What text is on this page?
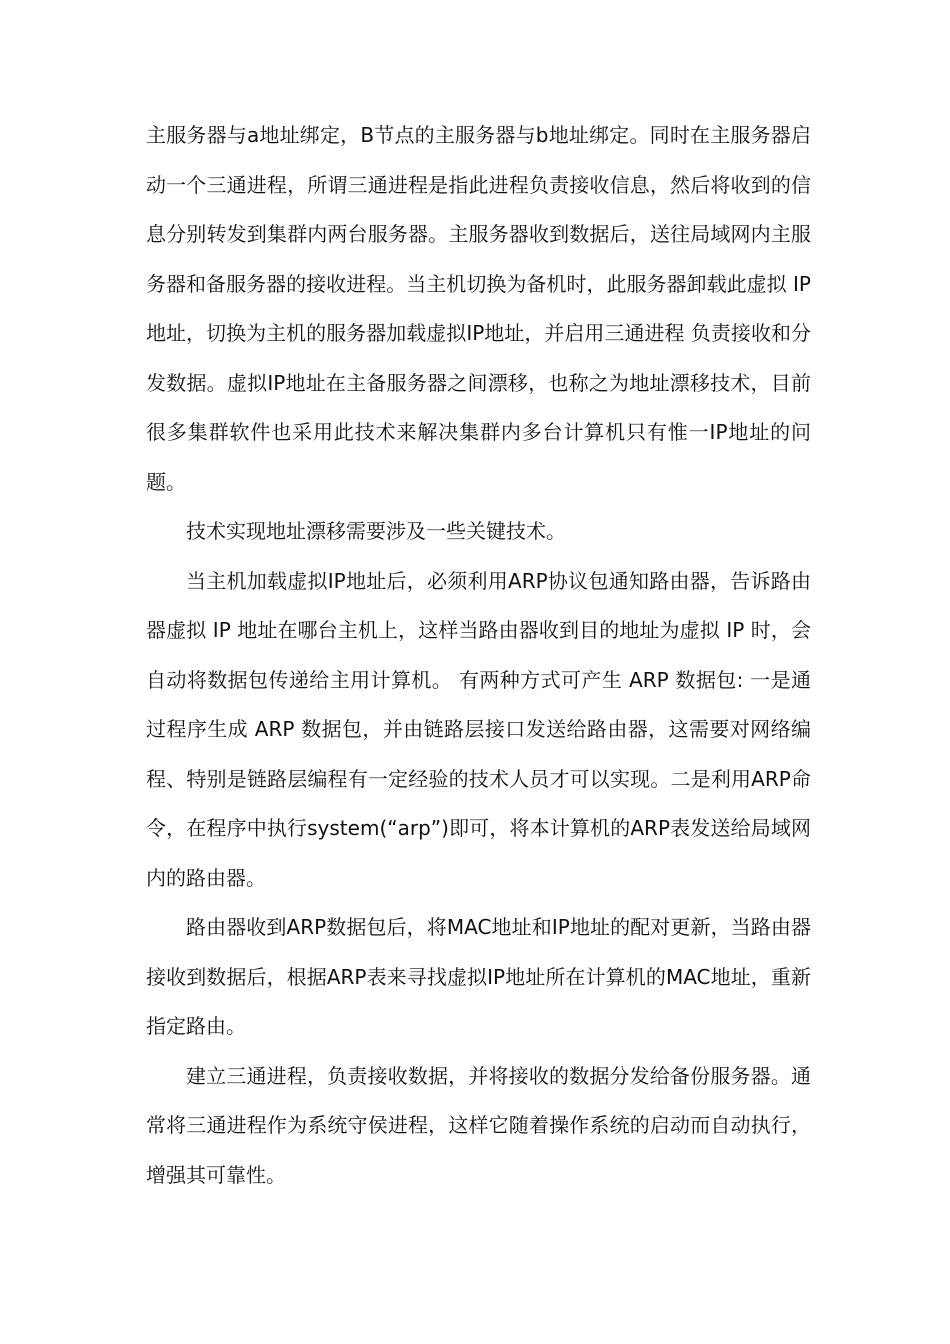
主服务器与a地址绑定，B节点的主服务器与b地址绑定。同时在主服务器启动一个三通进程，所谓三通进程是指此进程负责接收信息，然后将收到的信息分别转发到集群内两台服务器。主服务器收到数据后，送往局域网内主服务器和备服务器的接收进程。当主机切换为备机时，此服务器卸载此虚拟 IP 地址，切换为主机的服务器加载虚拟IP地址，并启用三通进程 负责接收和分发数据。虚拟IP地址在主备服务器之间漂移，也称之为地址漂移技术，目前很多集群软件也采用此技术来解决集群内多台计算机只有惟一IP地址的问题。

技术实现地址漂移需要涉及一些关键技术。

当主机加载虚拟IP地址后，必须利用ARP协议包通知路由器，告诉路由器虚拟 IP 地址在哪台主机上，这样当路由器收到目的地址为虚拟 IP 时，会自动将数据包传递给主用计算机。 有两种方式可产生 ARP 数据包: 一是通过程序生成 ARP 数据包，并由链路层接口发送给路由器，这需要对网络编程、特别是链路层编程有一定经验的技术人员才可以实现。二是利用ARP命令，在程序中执行system(“arp”)即可，将本计算机的ARP表发送给局域网内的路由器。

路由器收到ARP数据包后，将MAC地址和IP地址的配对更新，当路由器接收到数据后，根据ARP表来寻找虚拟IP地址所在计算机的MAC地址，重新指定路由。

建立三通进程，负责接收数据，并将接收的数据分发给备份服务器。通常将三通进程作为系统守侯进程，这样它随着操作系统的启动而自动执行，增强其可靠性。
